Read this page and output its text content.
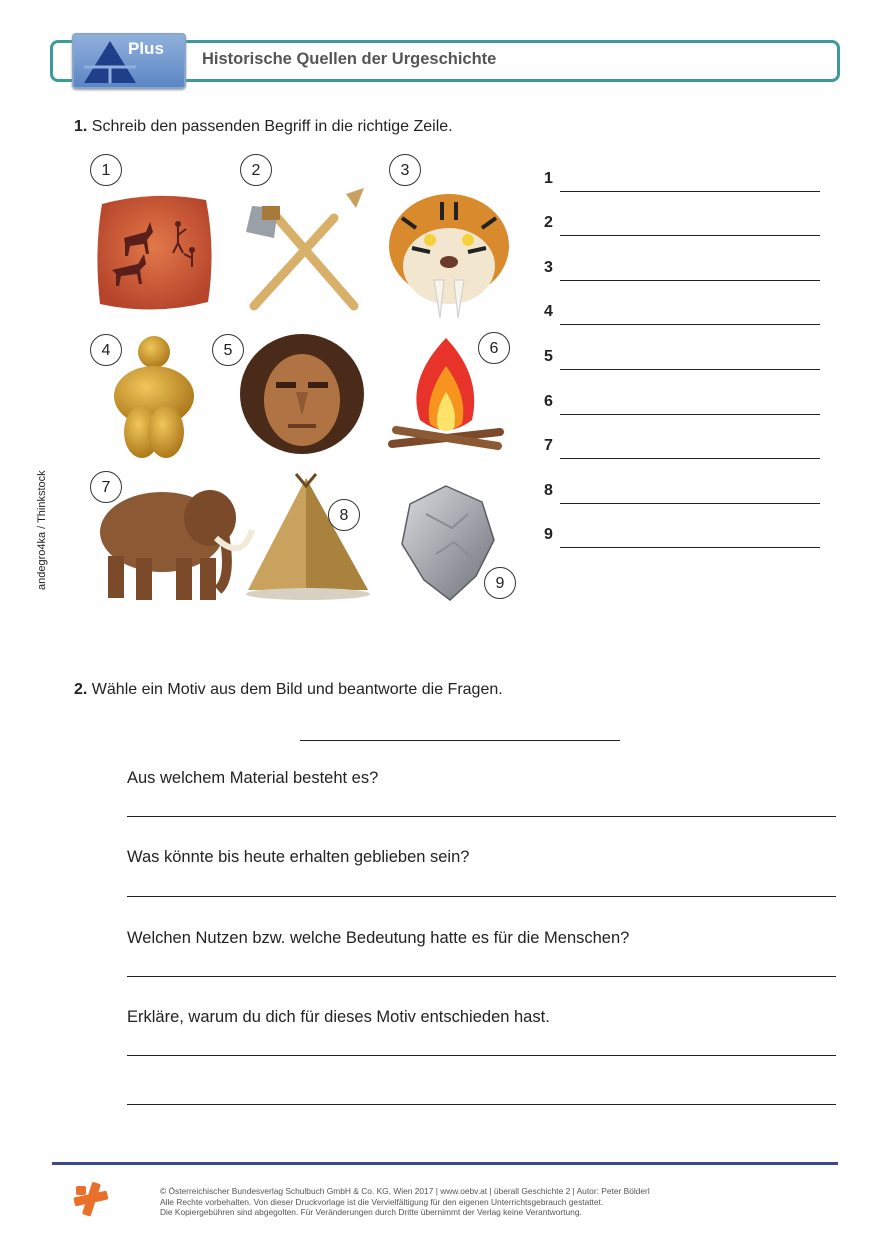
Plus
Historische Quellen der Urgeschichte
1. Schreib den passenden Begriff in die richtige Zeile.
1	2	3
4	5	6
7
8
9
1
2
3
4
5
6
7
8
9
andegro4ka / Thinkstock
2. Wähle ein Motiv aus dem Bild und beantworte die Fragen.
Aus welchem Material besteht es?
Was könnte bis heute erhalten geblieben sein?
Welchen Nutzen bzw. welche Bedeutung hatte es für die Menschen?
Erkläre, warum du dich für dieses Motiv entschieden hast.
© Österreichischer Bundesverlag Schulbuch GmbH & Co. KG, Wien 2017 | www.oebv.at | überall Geschichte 2 | Autor: Peter Bölderl
Alle Rechte vorbehalten. Von dieser Druckvorlage ist die Vervielfältigung für den eigenen Unterrichtsgebrauch gestattet.
Die Kopiergebühren sind abgegolten. Für Veränderungen durch Dritte übernimmt der Verlag keine Verantwortung.
